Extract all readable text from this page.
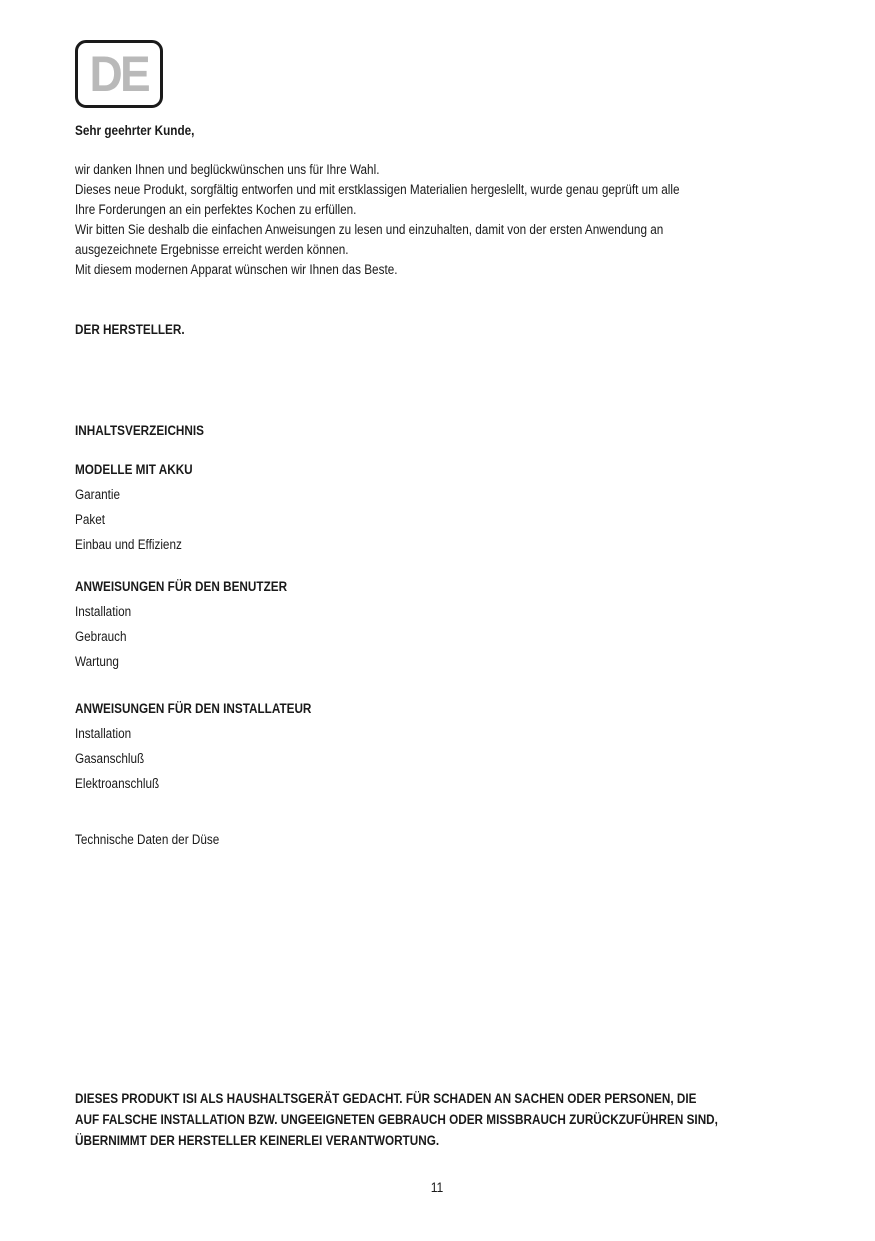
DE

Sehr geehrter Kunde,

wir danken Ihnen und beglückwünschen uns für Ihre Wahl.
Dieses neue Produkt, sorgfältig entworfen und mit erstklassigen Materialien hergeslellt, wurde genau geprüft um alle
Ihre Forderungen an ein perfektes Kochen zu erfüllen.
Wir bitten Sie deshalb die einfachen Anweisungen zu lesen und einzuhalten, damit von der ersten Anwendung an
ausgezeichnete Ergebnisse erreicht werden können.
Mit diesem modernen Apparat wünschen wir Ihnen das Beste.

DER HERSTELLER.

INHALTSVERZEICHNIS

MODELLE MIT AKKU
Garantie
Paket
Einbau und Effizienz
ANWEISUNGEN FÜR DEN BENUTZER
Installation
Gebrauch
Wartung
ANWEISUNGEN FÜR DEN INSTALLATEUR
Installation
Gasanschluß
Elektroanschluß
Technische Daten der Düse
DIESES PRODUKT ISI ALS HAUSHALTSGERÄT GEDACHT. FÜR SCHADEN AN SACHEN ODER PERSONEN, DIE
AUF FALSCHE INSTALLATION BZW. UNGEEIGNETEN GEBRAUCH ODER MISSBRAUCH ZURÜCKZUFÜHREN SIND,
ÜBERNIMMT DER HERSTELLER KEINERLEI VERANTWORTUNG.
11
